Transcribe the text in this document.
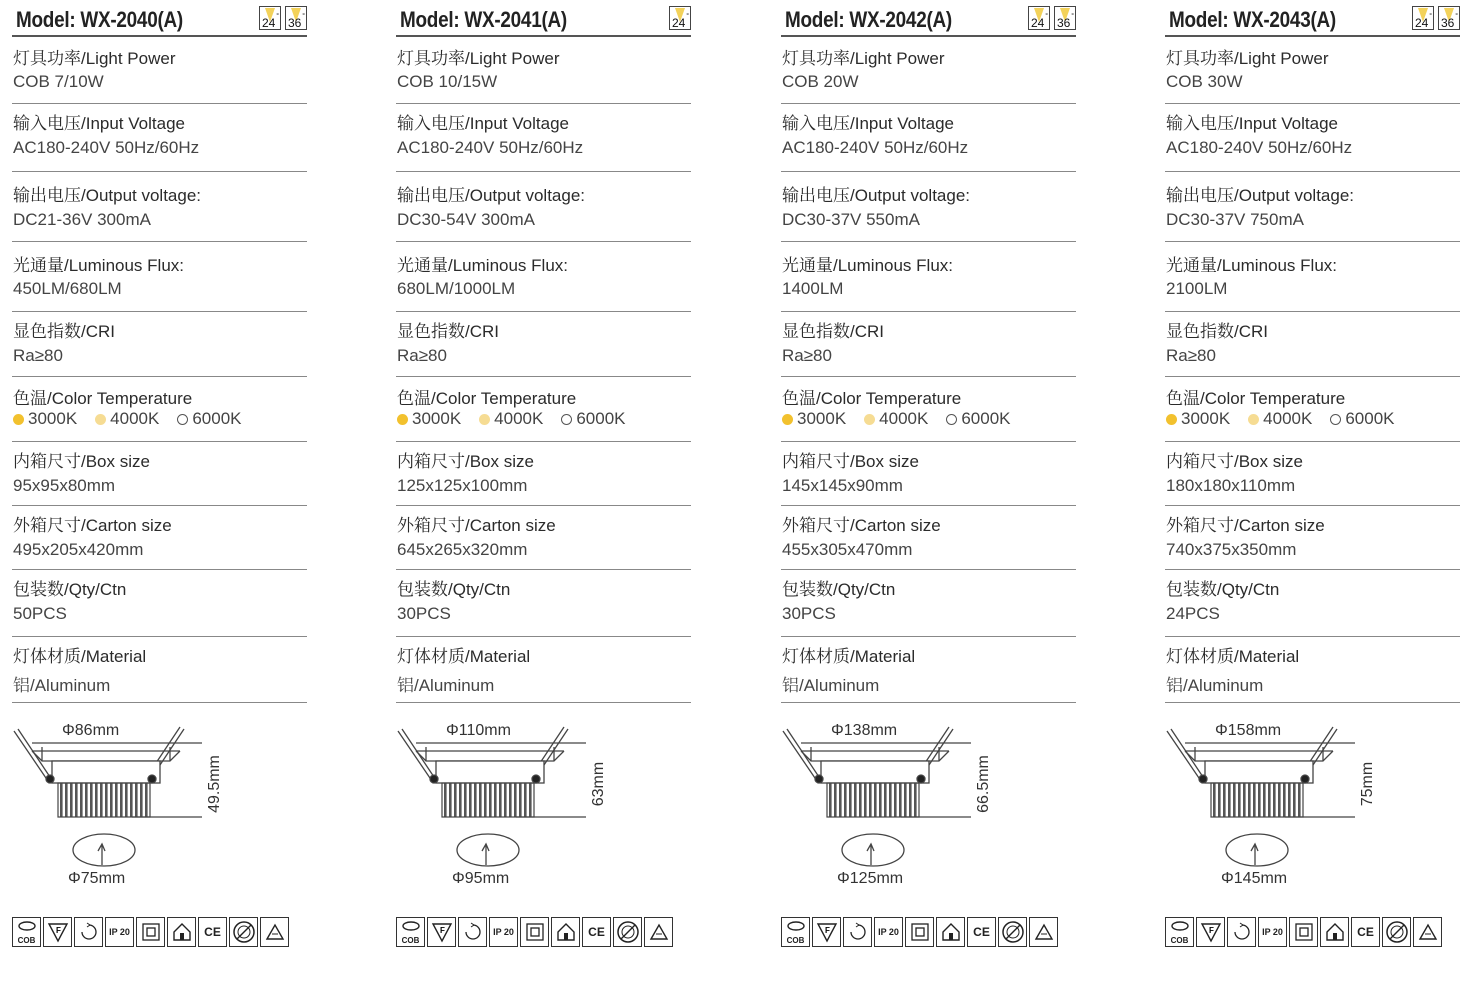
Model: WX-2040(A)	24 ° 36 °
灯具功率/Light Power
COB 7/10W
输入电压/Input Voltage
AC180-240V 50Hz/60Hz
输出电压/Output voltage:
DC21-36V 300mA
光通量/Luminous Flux:
450LM/680LM
显色指数/CRI
Ra≥80
色温/Color Temperature
3000K 4000K 6000K
内箱尺寸/Box size
95x95x80mm
外箱尺寸/Carton size
495x205x420mm
包装数/Qty/Ctn
50PCS
灯体材质/Material
铝/Aluminum
Φ86mm
49.5mm
Φ75mm
COB
F	IP 20	CE
Model: WX-2041(A)	24 °
灯具功率/Light Power
COB 10/15W
输入电压/Input Voltage
AC180-240V 50Hz/60Hz
输出电压/Output voltage:
DC30-54V 300mA
光通量/Luminous Flux:
680LM/1000LM
显色指数/CRI
Ra≥80
色温/Color Temperature
3000K 4000K 6000K
内箱尺寸/Box size
125x125x100mm
外箱尺寸/Carton size
645x265x320mm
包装数/Qty/Ctn
30PCS
灯体材质/Material
铝/Aluminum
Φ110mm
63mm
Φ95mm
COB
F	IP 20	CE
Model: WX-2042(A)	24 ° 36 °
灯具功率/Light Power
COB 20W
输入电压/Input Voltage
AC180-240V 50Hz/60Hz
输出电压/Output voltage:
DC30-37V 550mA
光通量/Luminous Flux:
1400LM
显色指数/CRI
Ra≥80
色温/Color Temperature
3000K 4000K 6000K
内箱尺寸/Box size
145x145x90mm
外箱尺寸/Carton size
455x305x470mm
包装数/Qty/Ctn
30PCS
灯体材质/Material
铝/Aluminum
Φ138mm
66.5mm
Φ125mm
COB
F	IP 20	CE
Model: WX-2043(A)	24 ° 36 °
灯具功率/Light Power
COB 30W
输入电压/Input Voltage
AC180-240V 50Hz/60Hz
输出电压/Output voltage:
DC30-37V 750mA
光通量/Luminous Flux:
2100LM
显色指数/CRI
Ra≥80
色温/Color Temperature
3000K 4000K 6000K
内箱尺寸/Box size
180x180x110mm
外箱尺寸/Carton size
740x375x350mm
包装数/Qty/Ctn
24PCS
灯体材质/Material
铝/Aluminum
Φ158mm
75mm
Φ145mm
COB
F	IP 20	CE
